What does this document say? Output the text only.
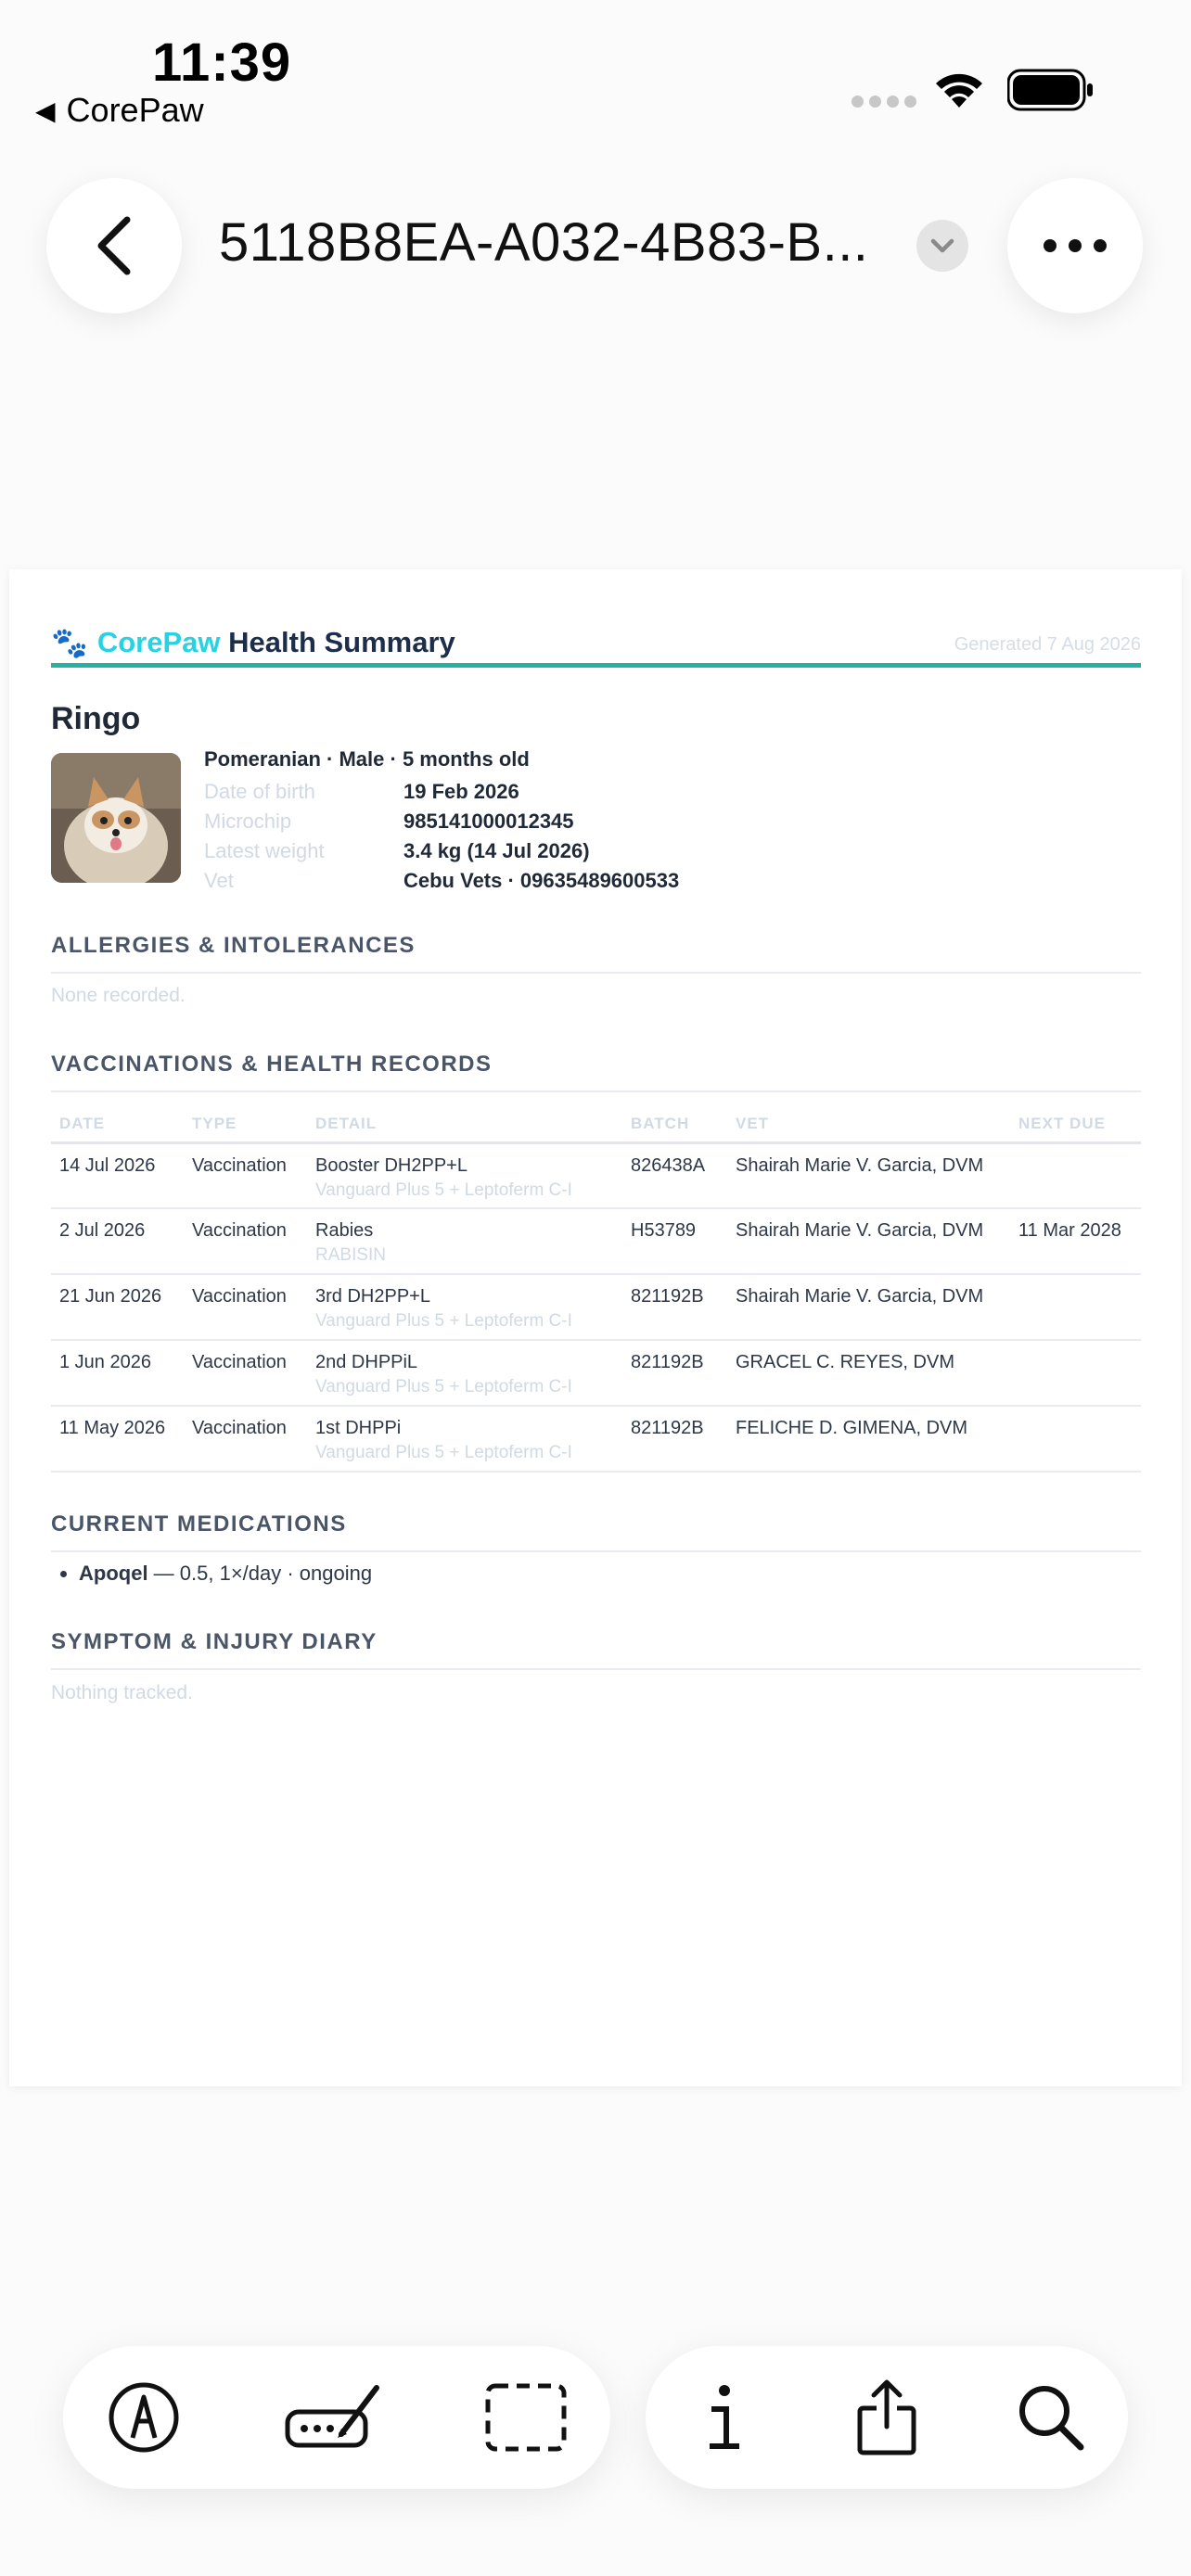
11:39
◀ CorePaw
5118B8EA-A032-4B83-B...
🐾 CorePaw Health Summary	Generated 7 Aug 2026
Ringo
Pomeranian · Male · 5 months old
Date of birth	19 Feb 2026
Microchip	985141000012345
Latest weight	3.4 kg (14 Jul 2026)
Vet	Cebu Vets · 09635489600533
ALLERGIES & INTOLERANCES
None recorded.
VACCINATIONS & HEALTH RECORDS
DATE	TYPE	DETAIL	BATCH	VET	NEXT DUE
14 Jul 2026	Vaccination	Booster DH2PP+L
Vanguard Plus 5 + Leptoferm C-I	826438A	Shairah Marie V. Garcia, DVM	
2 Jul 2026	Vaccination	Rabies
RABISIN	H53789	Shairah Marie V. Garcia, DVM	11 Mar 2028
21 Jun 2026	Vaccination	3rd DH2PP+L
Vanguard Plus 5 + Leptoferm C-I	821192B	Shairah Marie V. Garcia, DVM	
1 Jun 2026	Vaccination	2nd DHPPiL
Vanguard Plus 5 + Leptoferm C-I	821192B	GRACEL C. REYES, DVM	
11 May 2026	Vaccination	1st DHPPi
Vanguard Plus 5 + Leptoferm C-I	821192B	FELICHE D. GIMENA, DVM	
CURRENT MEDICATIONS
• Apoqel — 0.5, 1×/day · ongoing
SYMPTOM & INJURY DIARY
Nothing tracked.
